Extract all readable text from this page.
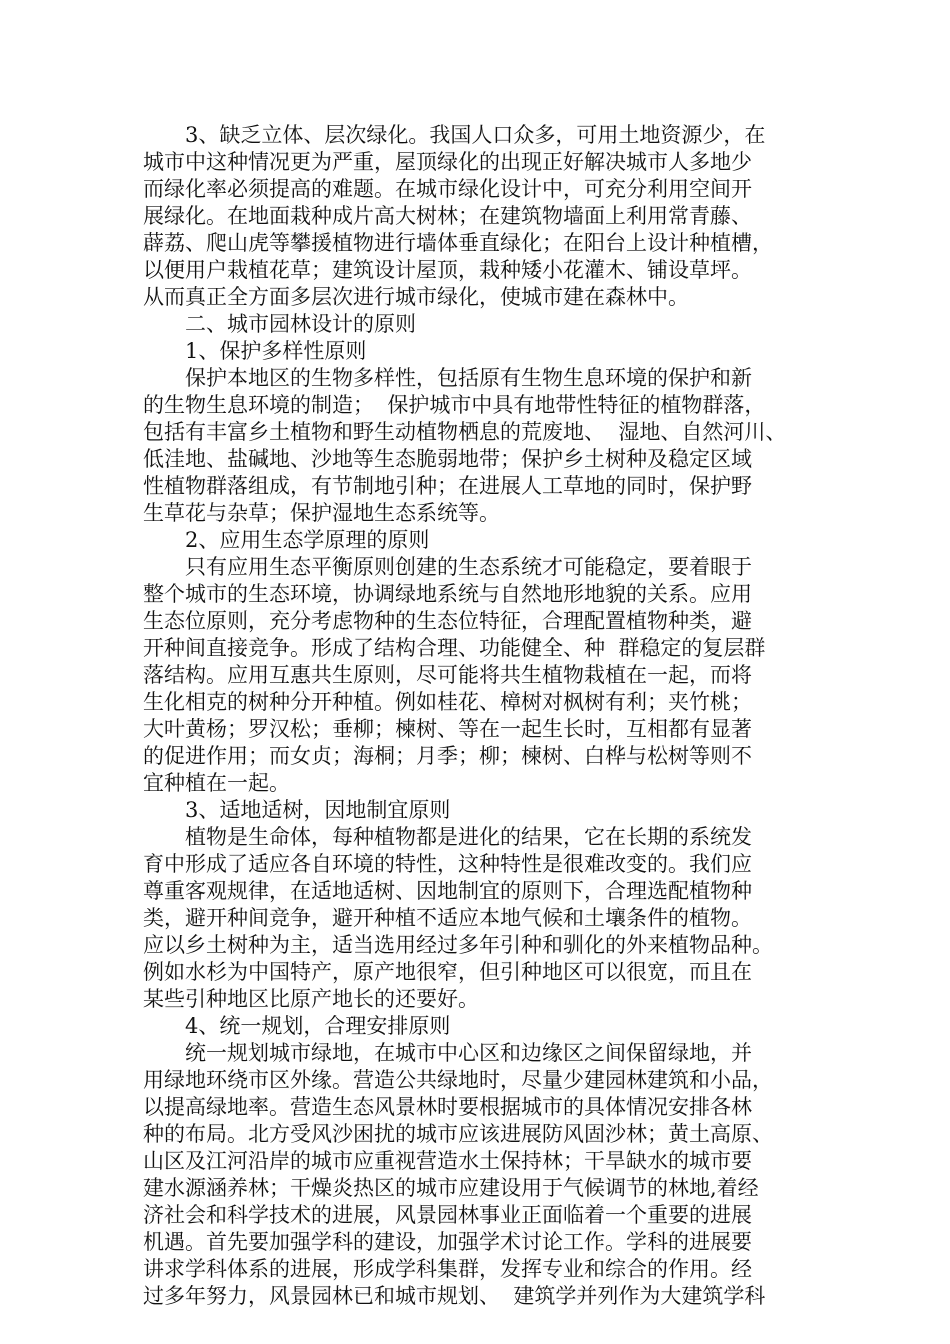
3、缺乏立体、层次绿化。我国人口众多，可用土地资源少，在
城市中这种情况更为严重，屋顶绿化的出现正好解决城市人多地少
而绿化率必须提高的难题。在城市绿化设计中，可充分利用空间开
展绿化。在地面栽种成片高大树林；在建筑物墙面上利用常青藤、
薜荔、爬山虎等攀援植物进行墙体垂直绿化；在阳台上设计种植槽，
以便用户栽植花草；建筑设计屋顶，栽种矮小花灌木、铺设草坪。
从而真正全方面多层次进行城市绿化，使城市建在森林中。
二、城市园林设计的原则
1、保护多样性原则
保护本地区的生物多样性，包括原有生物生息环境的保护和新
的生物生息环境的制造；  保护城市中具有地带性特征的植物群落，
包括有丰富乡土植物和野生动植物栖息的荒废地、  湿地、自然河川、
低洼地、盐碱地、沙地等生态脆弱地带；保护乡土树种及稳定区域
性植物群落组成，有节制地引种；在进展人工草地的同时，保护野
生草花与杂草；保护湿地生态系统等。
2、应用生态学原理的原则
只有应用生态平衡原则创建的生态系统才可能稳定，要着眼于
整个城市的生态环境，协调绿地系统与自然地形地貌的关系。应用
生态位原则，充分考虑物种的生态位特征，合理配置植物种类，避
开种间直接竞争。形成了结构合理、功能健全、种  群稳定的复层群
落结构。应用互惠共生原则，尽可能将共生植物栽植在一起，而将
生化相克的树种分开种植。例如桂花、樟树对枫树有利；夹竹桃；
大叶黄杨；罗汉松；垂柳；楝树、等在一起生长时，互相都有显著
的促进作用；而女贞；海桐；月季；柳；楝树、白桦与松树等则不
宜种植在一起。
3、适地适树，因地制宜原则
植物是生命体，每种植物都是进化的结果，它在长期的系统发
育中形成了适应各自环境的特性，这种特性是很难改变的。我们应
尊重客观规律，在适地适树、因地制宜的原则下，合理选配植物种
类，避开种间竞争，避开种植不适应本地气候和土壤条件的植物。
应以乡土树种为主，适当选用经过多年引种和驯化的外来植物品种。
例如水杉为中国特产，原产地很窄，但引种地区可以很宽，而且在
某些引种地区比原产地长的还要好。
4、统一规划，合理安排原则
统一规划城市绿地，在城市中心区和边缘区之间保留绿地，并
用绿地环绕市区外缘。营造公共绿地时，尽量少建园林建筑和小品，
以提高绿地率。营造生态风景林时要根据城市的具体情况安排各林
种的布局。北方受风沙困扰的城市应该进展防风固沙林；黄土高原、
山区及江河沿岸的城市应重视营造水土保持林；干旱缺水的城市要
建水源涵养林；干燥炎热区的城市应建设用于气候调节的林地,着经
济社会和科学技术的进展，风景园林事业正面临着一个重要的进展
机遇。首先要加强学科的建设，加强学术讨论工作。学科的进展要
讲求学科体系的进展，形成学科集群，发挥专业和综合的作用。经
过多年努力，风景园林已和城市规划、  建筑学并列作为大建筑学科
